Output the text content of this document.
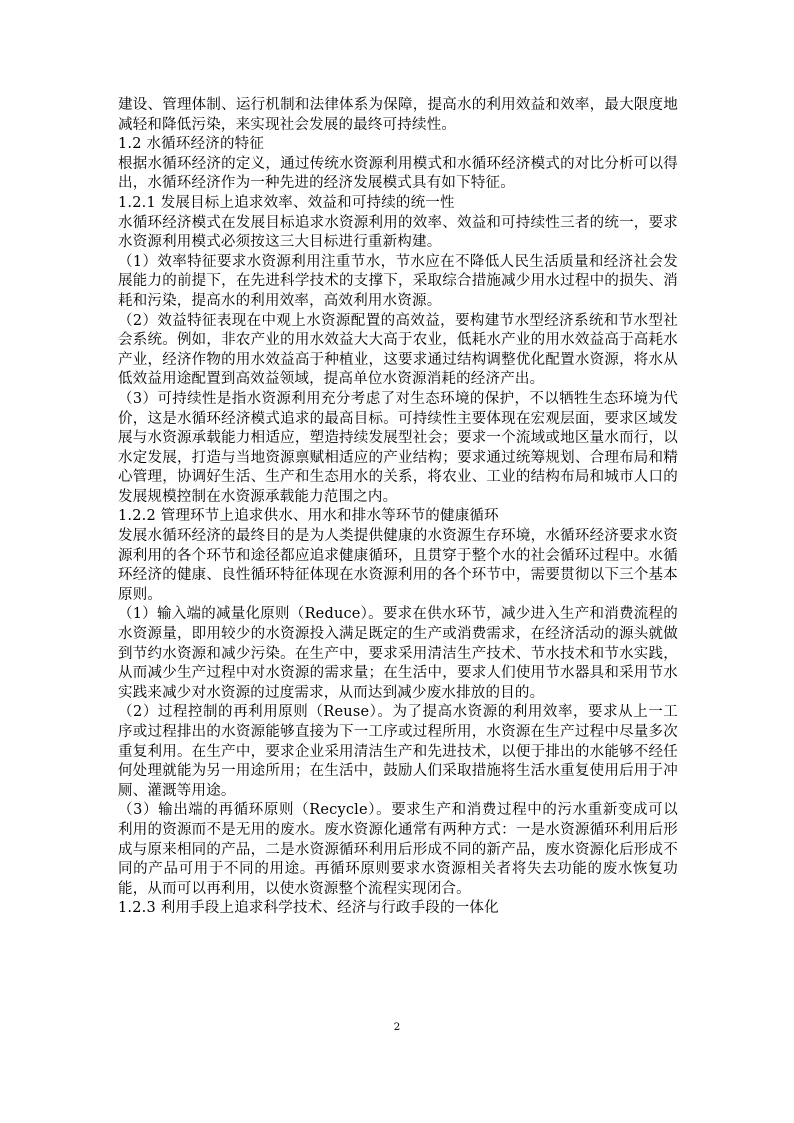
建设、管理体制、运行机制和法律体系为保障，提高水的利用效益和效率，最大限度地减轻和降低污染，来实现社会发展的最终可持续性。

1.2 水循环经济的特征

根据水循环经济的定义，通过传统水资源利用模式和水循环经济模式的对比分析可以得出，水循环经济作为一种先进的经济发展模式具有如下特征。

1.2.1 发展目标上追求效率、效益和可持续的统一性

水循环经济模式在发展目标追求水资源利用的效率、效益和可持续性三者的统一，要求水资源利用模式必须按这三大目标进行重新构建。

（1）效率特征要求水资源利用注重节水，节水应在不降低人民生活质量和经济社会发展能力的前提下，在先进科学技术的支撑下，采取综合措施减少用水过程中的损失、消耗和污染，提高水的利用效率，高效利用水资源。

（2）效益特征表现在中观上水资源配置的高效益，要构建节水型经济系统和节水型社会系统。例如，非农产业的用水效益大大高于农业，低耗水产业的用水效益高于高耗水产业，经济作物的用水效益高于种植业，这要求通过结构调整优化配置水资源，将水从低效益用途配置到高效益领域，提高单位水资源消耗的经济产出。

（3）可持续性是指水资源利用充分考虑了对生态环境的保护，不以牺牲生态环境为代价，这是水循环经济模式追求的最高目标。可持续性主要体现在宏观层面，要求区域发展与水资源承载能力相适应，塑造持续发展型社会；要求一个流域或地区量水而行，以水定发展，打造与当地资源禀赋相适应的产业结构；要求通过统筹规划、合理布局和精心管理，协调好生活、生产和生态用水的关系，将农业、工业的结构布局和城市人口的发展规模控制在水资源承载能力范围之内。

1.2.2 管理环节上追求供水、用水和排水等环节的健康循环

发展水循环经济的最终目的是为人类提供健康的水资源生存环境，水循环经济要求水资源利用的各个环节和途径都应追求健康循环，且贯穿于整个水的社会循环过程中。水循环经济的健康、良性循环特征体现在水资源利用的各个环节中，需要贯彻以下三个基本原则。

（1）输入端的减量化原则（Reduce）。要求在供水环节，减少进入生产和消费流程的水资源量，即用较少的水资源投入满足既定的生产或消费需求，在经济活动的源头就做到节约水资源和减少污染。在生产中，要求采用清洁生产技术、节水技术和节水实践，从而减少生产过程中对水资源的需求量；在生活中，要求人们使用节水器具和采用节水实践来减少对水资源的过度需求，从而达到减少废水排放的目的。

（2）过程控制的再利用原则（Reuse）。为了提高水资源的利用效率，要求从上一工序或过程排出的水资源能够直接为下一工序或过程所用，水资源在生产过程中尽量多次重复利用。在生产中，要求企业采用清洁生产和先进技术，以便于排出的水能够不经任何处理就能为另一用途所用；在生活中，鼓励人们采取措施将生活水重复使用后用于冲厕、灌溉等用途。

（3）输出端的再循环原则（Recycle）。要求生产和消费过程中的污水重新变成可以利用的资源而不是无用的废水。废水资源化通常有两种方式：一是水资源循环利用后形成与原来相同的产品，二是水资源循环利用后形成不同的新产品，废水资源化后形成不同的产品可用于不同的用途。再循环原则要求水资源相关者将失去功能的废水恢复功能，从而可以再利用，以使水资源整个流程实现闭合。

1.2.3 利用手段上追求科学技术、经济与行政手段的一体化

2
